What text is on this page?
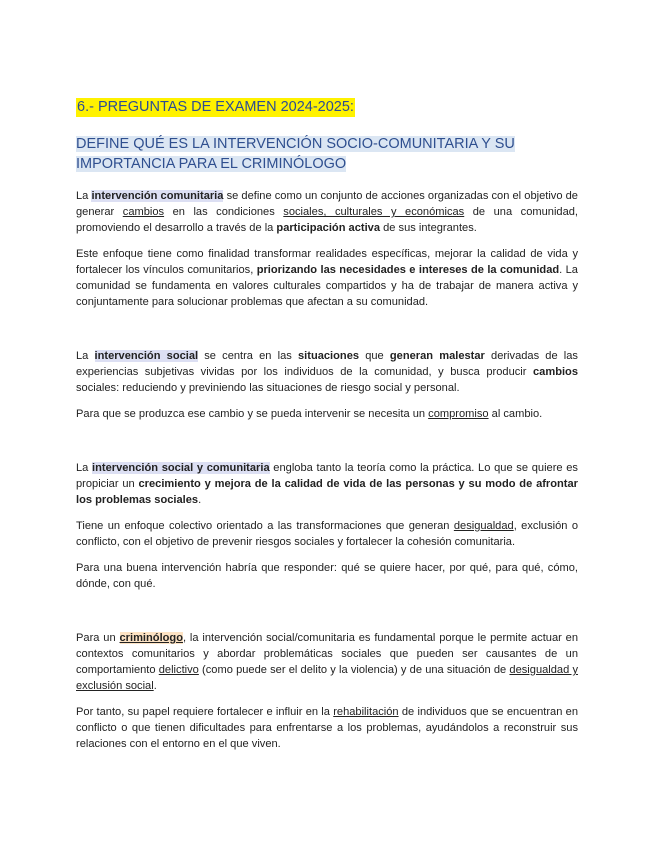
6.- PREGUNTAS DE EXAMEN 2024-2025:
DEFINE QUÉ ES LA INTERVENCIÓN SOCIO-COMUNITARIA Y SU
IMPORTANCIA PARA EL CRIMINÓLOGO

La intervención comunitaria se define como un conjunto de acciones organizadas con el objetivo de generar cambios en las condiciones sociales, culturales y económicas de una comunidad, promoviendo el desarrollo a través de la participación activa de sus integrantes.

Este enfoque tiene como finalidad transformar realidades específicas, mejorar la calidad de vida y fortalecer los vínculos comunitarios, priorizando las necesidades e intereses de la comunidad. La comunidad se fundamenta en valores culturales compartidos y ha de trabajar de manera activa y conjuntamente para solucionar problemas que afectan a su comunidad.

La intervención social se centra en las situaciones que generan malestar derivadas de las experiencias subjetivas vividas por los individuos de la comunidad, y busca producir cambios sociales: reduciendo y previniendo las situaciones de riesgo social y personal.

Para que se produzca ese cambio y se pueda intervenir se necesita un compromiso al cambio.

La intervención social y comunitaria engloba tanto la teoría como la práctica. Lo que se quiere es propiciar un crecimiento y mejora de la calidad de vida de las personas y su modo de afrontar los problemas sociales.

Tiene un enfoque colectivo orientado a las transformaciones que generan desigualdad, exclusión o conflicto, con el objetivo de prevenir riesgos sociales y fortalecer la cohesión comunitaria.

Para una buena intervención habría que responder: qué se quiere hacer, por qué, para qué, cómo, dónde, con qué.

Para un criminólogo, la intervención social/comunitaria es fundamental porque le permite actuar en contextos comunitarios y abordar problemáticas sociales que pueden ser causantes de un comportamiento delictivo (como puede ser el delito y la violencia) y de una situación de desigualdad y exclusión social.

Por tanto, su papel requiere fortalecer e influir en la rehabilitación de individuos que se encuentran en conflicto o que tienen dificultades para enfrentarse a los problemas, ayudándolos a reconstruir sus relaciones con el entorno en el que viven.
